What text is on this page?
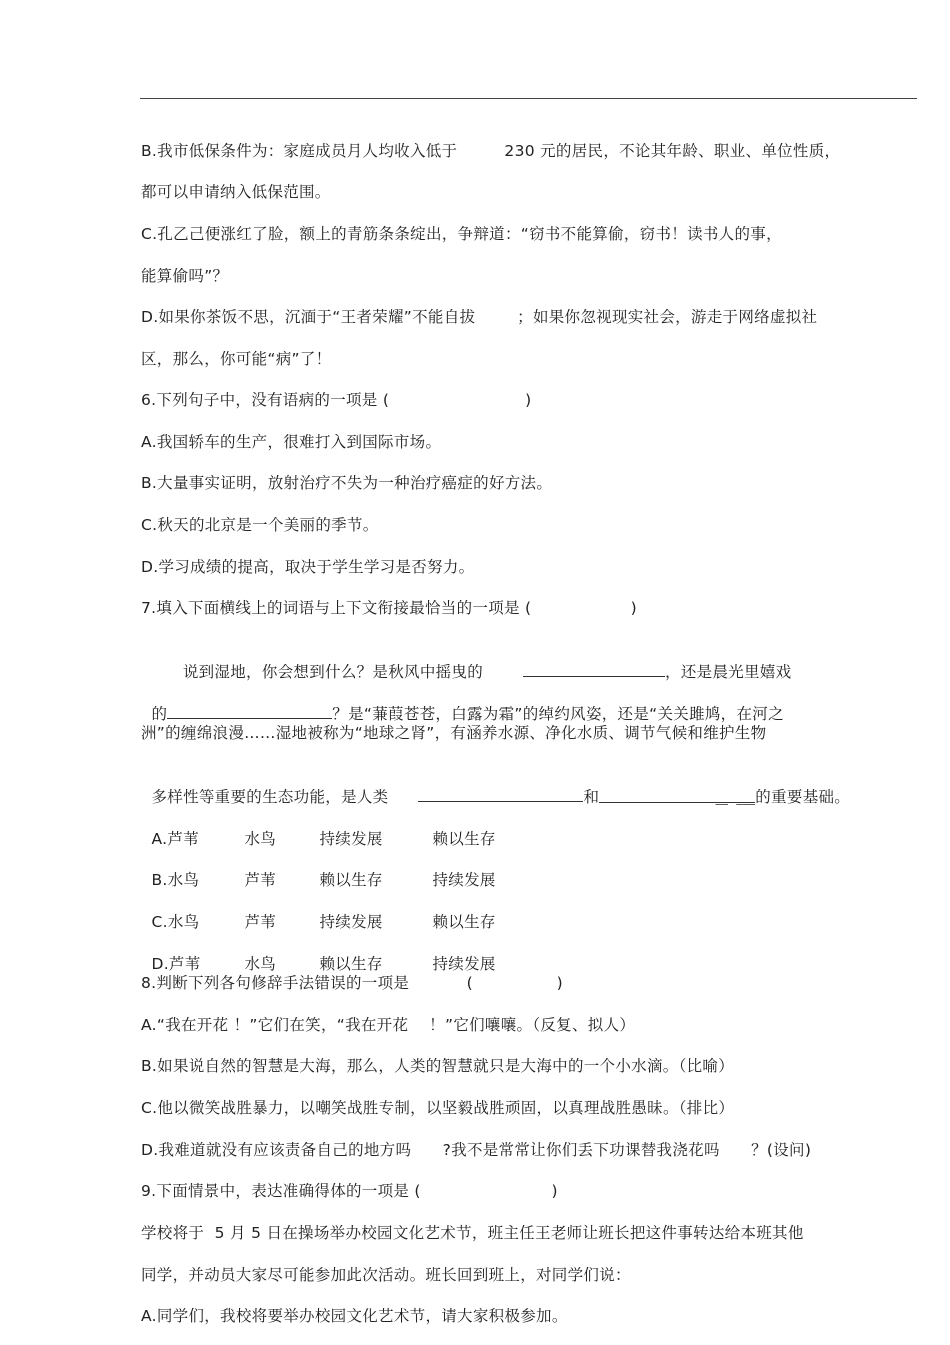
B.我市低保条件为：家庭成员月人均收入低于         230 元的居民，不论其年龄、职业、单位性质，
都可以申请纳入低保范围。
C.孔乙己便涨红了脸，额上的青筋条条绽出，争辩道：“窃书不能算偷，窃书！读书人的事，
能算偷吗”？
D.如果你茶饭不思，沉湎于“王者荣耀”不能自拔        ；如果你忽视现实社会，游走于网络虚拟社
区，那么，你可能“病”了！
6.下列句子中，没有语病的一项是 (                          )
A.我国轿车的生产，很难打入到国际市场。
B.大量事实证明，放射治疗不失为一种治疗癌症的好方法。
C.秋天的北京是一个美丽的季节。
D.学习成绩的提高，取决于学生学习是否努力。
7.填入下面横线上的词语与上下文衔接最恰当的一项是 (                   )

说到湿地，你会想到什么？是秋风中摇曳的	，还是晨光里嬉戏

的	？是“蒹葭苍苍，白露为霜”的绰约风姿，还是“关关雎鸠，在河之

洲”的缠绵浪漫……湿地被称为“地球之肾”，有涵养水源、净化水质、调节气候和维护生物

多样性等重要的生态功能，是人类	和	__  ___的重要基础。

A.芦苇	水鸟	持续发展	赖以生存

B.水鸟	芦苇	赖以生存	持续发展

C.水鸟	芦苇	持续发展	赖以生存

D.芦苇	水鸟	赖以生存	持续发展

8.判断下列各句修辞手法错误的一项是           (                )
A.“我在开花 ！”它们在笑，“我在开花    ！”它们嚷嚷。（反复、拟人）
B.如果说自然的智慧是大海，那么，人类的智慧就只是大海中的一个小水滴。（比喻）
C.他以微笑战胜暴力，以嘲笑战胜专制，以坚毅战胜顽固，以真理战胜愚昧。（排比）
D.我难道就没有应该责备自己的地方吗      ?我不是常常让你们丢下功课替我浇花吗      ？(设问)
9.下面情景中，表达准确得体的一项是 (                         )
学校将于  5 月 5 日在操场举办校园文化艺术节，班主任王老师让班长把这件事转达给本班其他
同学，并动员大家尽可能参加此次活动。班长回到班上，对同学们说：
A.同学们，我校将要举办校园文化艺术节，请大家积极参加。
